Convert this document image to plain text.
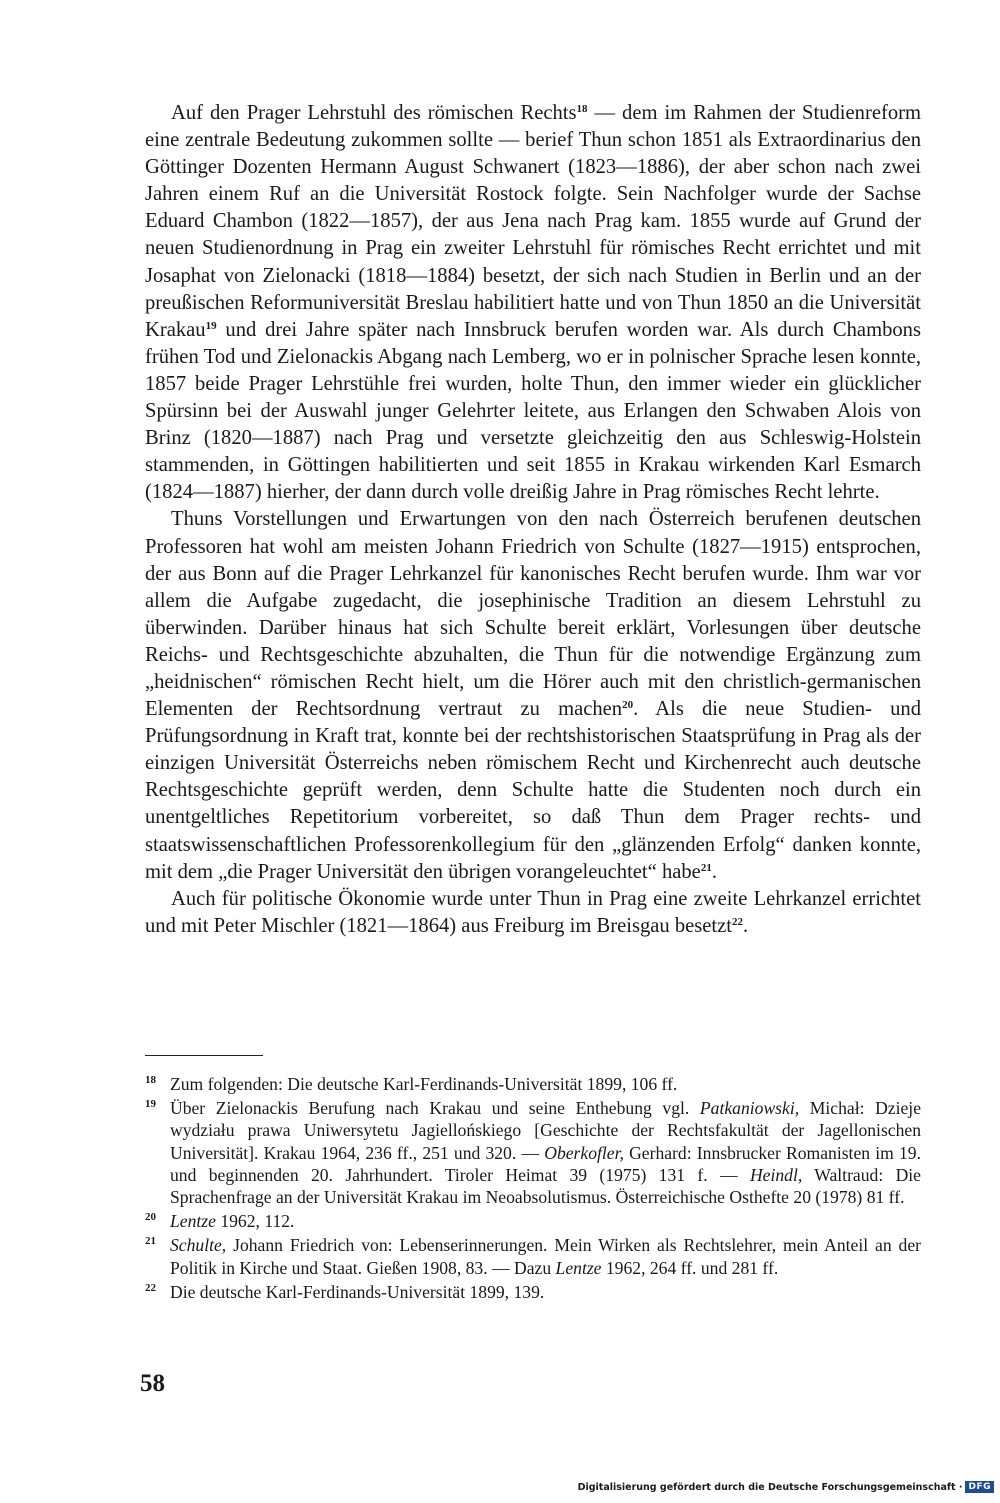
Auf den Prager Lehrstuhl des römischen Rechts$^{18}$ — dem im Rahmen der Studienreform eine zentrale Bedeutung zukommen sollte — berief Thun schon 1851 als Extraordinarius den Göttinger Dozenten Hermann August Schwanert (1823—1886), der aber schon nach zwei Jahren einem Ruf an die Universität Rostock folgte. Sein Nachfolger wurde der Sachse Eduard Chambon (1822—1857), der aus Jena nach Prag kam. 1855 wurde auf Grund der neuen Studienordnung in Prag ein zweiter Lehrstuhl für römisches Recht errichtet und mit Josaphat von Zielonacki (1818—1884) besetzt, der sich nach Studien in Berlin und an der preußischen Reformuniversität Breslau habilitiert hatte und von Thun 1850 an die Universität Krakau$^{19}$ und drei Jahre später nach Innsbruck berufen worden war. Als durch Chambons frühen Tod und Zielonackis Abgang nach Lemberg, wo er in polnischer Sprache lesen konnte, 1857 beide Prager Lehrstühle frei wurden, holte Thun, den immer wieder ein glücklicher Spürsinn bei der Auswahl junger Gelehrter leitete, aus Erlangen den Schwaben Alois von Brinz (1820—1887) nach Prag und versetzte gleichzeitig den aus Schleswig-Holstein stammenden, in Göttingen habilitierten und seit 1855 in Krakau wirkenden Karl Esmarch (1824—1887) hierher, der dann durch volle dreißig Jahre in Prag römisches Recht lehrte.

Thuns Vorstellungen und Erwartungen von den nach Österreich berufenen deutschen Professoren hat wohl am meisten Johann Friedrich von Schulte (1827—1915) entsprochen, der aus Bonn auf die Prager Lehrkanzel für kanonisches Recht berufen wurde. Ihm war vor allem die Aufgabe zugedacht, die josephinische Tradition an diesem Lehrstuhl zu überwinden. Darüber hinaus hat sich Schulte bereit erklärt, Vorlesungen über deutsche Reichs- und Rechtsgeschichte abzuhalten, die Thun für die notwendige Ergänzung zum „heidnischen“ römischen Recht hielt, um die Hörer auch mit den christlich-germanischen Elementen der Rechtsordnung vertraut zu machen$^{20}$. Als die neue Studien- und Prüfungsordnung in Kraft trat, konnte bei der rechtshistorischen Staatsprüfung in Prag als der einzigen Universität Österreichs neben römischem Recht und Kirchenrecht auch deutsche Rechtsgeschichte geprüft werden, denn Schulte hatte die Studenten noch durch ein unentgeltliches Repetitorium vorbereitet, so daß Thun dem Prager rechts- und staatswissenschaftlichen Professorenkollegium für den „glänzenden Erfolg“ danken konnte, mit dem „die Prager Universität den übrigen vorangeleuchtet“ habe$^{21}$.

Auch für politische Ökonomie wurde unter Thun in Prag eine zweite Lehrkanzel errichtet und mit Peter Mischler (1821—1864) aus Freiburg im Breisgau besetzt$^{22}$.

18 Zum folgenden: Die deutsche Karl-Ferdinands-Universität 1899, 106 ff.
19 Über Zielonackis Berufung nach Krakau und seine Enthebung vgl. Patkaniowski, Michał: Dzieje wydziału prawa Uniwersytetu Jagiellońskiego [Geschichte der Rechtsfakultät der Jagellonischen Universität]. Krakau 1964, 236 ff., 251 und 320. — Oberkofler, Gerhard: Innsbrucker Romanisten im 19. und beginnenden 20. Jahrhundert. Tiroler Heimat 39 (1975) 131 f. — Heindl, Waltraud: Die Sprachenfrage an der Universität Krakau im Neoabsolutismus. Österreichische Osthefte 20 (1978) 81 ff.
20 Lentze 1962, 112.
21 Schulte, Johann Friedrich von: Lebenserinnerungen. Mein Wirken als Rechtslehrer, mein Anteil an der Politik in Kirche und Staat. Gießen 1908, 83. — Dazu Lentze 1962, 264 ff. und 281 ff.
22 Die deutsche Karl-Ferdinands-Universität 1899, 139.
58
Digitalisierung gefördert durch die Deutsche Forschungsgemeinschaft · DFG
